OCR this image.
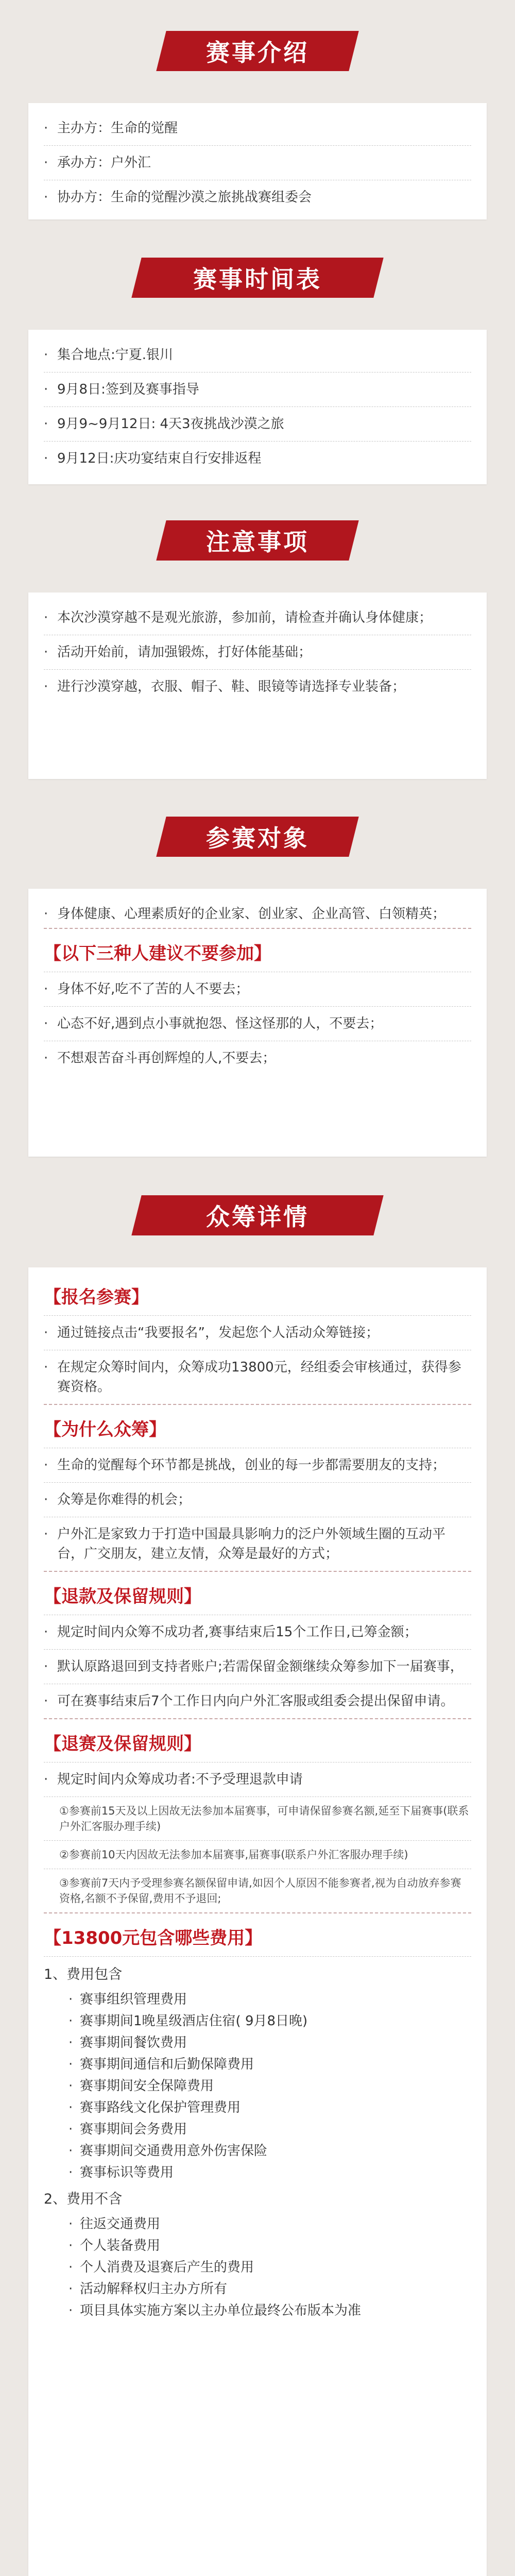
赛事介绍
· 主办方：生命的觉醒
· 承办方：户外汇
· 协办方：生命的觉醒沙漠之旅挑战赛组委会
赛事时间表
· 集合地点:宁夏.银川
· 9月8日:签到及赛事指导
· 9月9~9月12日: 4天3夜挑战沙漠之旅
· 9月12日:庆功宴结束自行安排返程
注意事项
· 本次沙漠穿越不是观光旅游，参加前，请检查并确认身体健康；
· 活动开始前，请加强锻炼，打好体能基础；
· 进行沙漠穿越，衣服、帽子、鞋、眼镜等请选择专业装备；
参赛对象
· 身体健康、心理素质好的企业家、创业家、企业高管、白领精英；
【以下三种人建议不要参加】
· 身体不好,吃不了苦的人不要去；
· 心态不好,遇到点小事就抱怨、怪这怪那的人，不要去；
· 不想艰苦奋斗再创辉煌的人,不要去；
众筹详情
【报名参赛】
· 通过链接点击“我要报名”，发起您个人活动众筹链接；
· 在规定众筹时间内，众筹成功13800元，经组委会审核通过，获得参赛资格。
【为什么众筹】
· 生命的觉醒每个环节都是挑战，创业的每一步都需要朋友的支持；
· 众筹是你难得的机会；
· 户外汇是家致力于打造中国最具影响力的泛户外领域生圈的互动平台，广交朋友，建立友情，众筹是最好的方式；
【退款及保留规则】
· 规定时间内众筹不成功者,赛事结束后15个工作日,已筹金额；
· 默认原路退回到支持者账户;若需保留金额继续众筹参加下一届赛事，
· 可在赛事结束后7个工作日内向户外汇客服或组委会提出保留申请。
【退赛及保留规则】
· 规定时间内众筹成功者:不予受理退款申请
①参赛前15天及以上因故无法参加本届赛事，可申请保留参赛名额,延至下届赛事(联系户外汇客服办理手续)
②参赛前10天内因故无法参加本届赛事,届赛事(联系户外汇客服办理手续)
③参赛前7天内予受理参赛名额保留申请,如因个人原因不能参赛者,视为自动放弃参赛资格,名额不予保留,费用不予退回;
【13800元包含哪些费用】
1、费用包含
· 赛事组织管理费用
· 赛事期间1晚星级酒店住宿( 9月8日晚)
· 赛事期间餐饮费用
· 赛事期间通信和后勤保障费用
· 赛事期间安全保障费用
· 赛事路线文化保护管理费用
· 赛事期间会务费用
· 赛事期间交通费用意外伤害保险
· 赛事标识等费用
2、费用不含
· 往返交通费用
· 个人装备费用
· 个人消费及退赛后产生的费用
· 活动解释权归主办方所有
· 项目具体实施方案以主办单位最终公布版本为准
